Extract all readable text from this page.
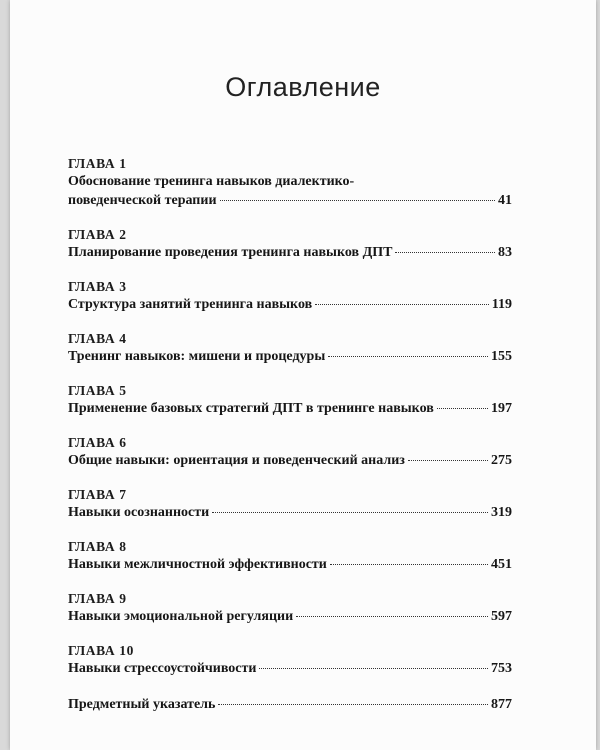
Оглавление
ГЛАВА 1
Обоснование тренинга навыков диалектико-
поведенческой терапии	41
ГЛАВА 2
Планирование проведения тренинга навыков ДПТ	83
ГЛАВА 3
Структура занятий тренинга навыков	119
ГЛАВА 4
Тренинг навыков: мишени и процедуры	155
ГЛАВА 5
Применение базовых стратегий ДПТ в тренинге навыков	197
ГЛАВА 6
Общие навыки: ориентация и поведенческий анализ	275
ГЛАВА 7
Навыки осознанности	319
ГЛАВА 8
Навыки межличностной эффективности	451
ГЛАВА 9
Навыки эмоциональной регуляции	597
ГЛАВА 10
Навыки стрессоустойчивости	753
Предметный указатель	877
